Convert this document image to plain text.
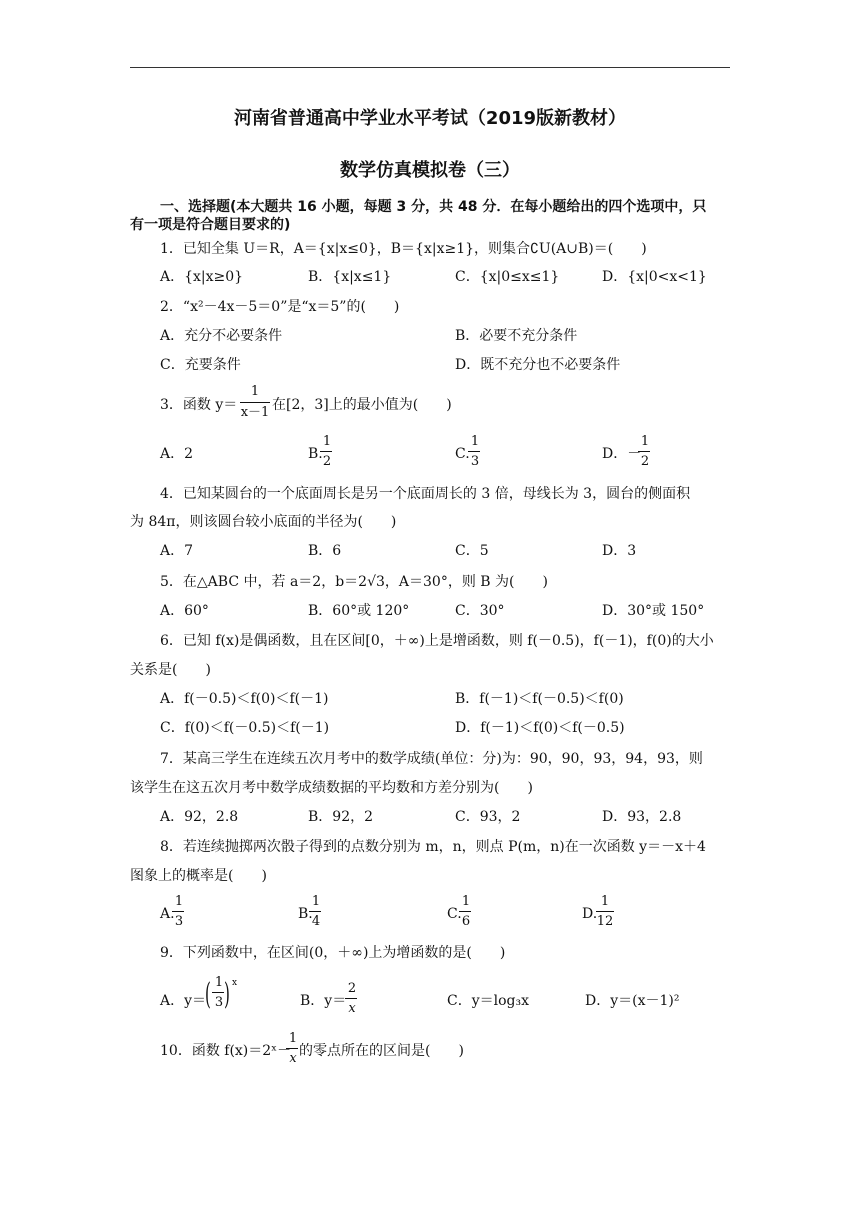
河南省普通高中学业水平考试（2019版新教材）
数学仿真模拟卷（三）
一、选择题(本大题共 16 小题，每题 3 分，共 48 分．在每小题给出的四个选项中，只
有一项是符合题目要求的)
1．已知全集 U＝R，A＝{x|x≤0}，B＝{x|x≥1}，则集合∁U(A∪B)＝(　　)
A．{x|x≥0}	B．{x|x≤1}	C．{x|0≤x≤1}	D．{x|0<x<1}
2．“x²－4x－5＝0”是“x＝5”的(　　)
A．充分不必要条件	B．必要不充分条件
C．充要条件	D．既不充分也不必要条件
3．函数 y＝
1
x－1 在[2，3]上的最小值为(　　)
A．2	B.
1
2	C.
1
3	D．－
1
2
4．已知某圆台的一个底面周长是另一个底面周长的 3 倍，母线长为 3，圆台的侧面积
为 84π，则该圆台较小底面的半径为(　　)
A．7	B．6	C．5	D．3
5．在△ABC 中，若 a＝2，b＝2√3，A＝30°，则 B 为(　　)
A．60°	B．60°或 120°	C．30°	D．30°或 150°
6．已知 f(x)是偶函数，且在区间[0，＋∞)上是增函数，则 f(－0.5)，f(－1)，f(0)的大小
关系是(　　)
A．f(－0.5)＜f(0)＜f(－1)	B．f(－1)＜f(－0.5)＜f(0)
C．f(0)＜f(－0.5)＜f(－1)	D．f(－1)＜f(0)＜f(－0.5)
7．某高三学生在连续五次月考中的数学成绩(单位：分)为：90，90，93，94，93，则
该学生在这五次月考中数学成绩数据的平均数和方差分别为(　　)
A．92，2.8	B．92，2	C．93，2	D．93，2.8
8．若连续抛掷两次骰子得到的点数分别为 m，n，则点 P(m，n)在一次函数 y＝－x＋4
图象上的概率是(　　)
A.
1
3	B.
1
4	C.
1
6	D.
1
12
9．下列函数中，在区间(0，＋∞)上为增函数的是(　　)
A．y＝
( 1
3 ) x
B．y＝
2
x	C．y＝log₃x	D．y＝(x－1)²
10．函数 f(x)＝2ˣ－
1
x 的零点所在的区间是(　　)
